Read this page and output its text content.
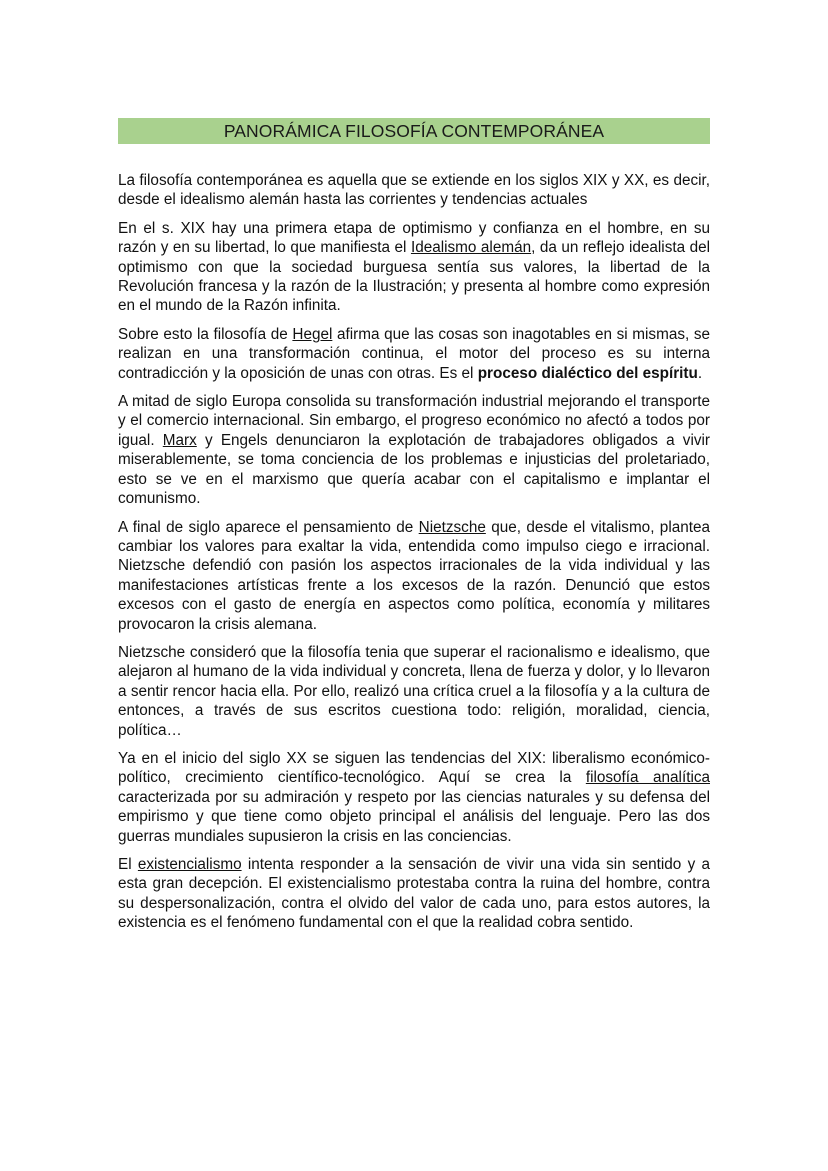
PANORÁMICA FILOSOFÍA CONTEMPORÁNEA

La filosofía contemporánea es aquella que se extiende en los siglos XIX y XX, es decir, desde el idealismo alemán hasta las corrientes y tendencias actuales

En el s. XIX hay una primera etapa de optimismo y confianza en el hombre, en su razón y en su libertad, lo que manifiesta el Idealismo alemán, da un reflejo idealista del optimismo con que la sociedad burguesa sentía sus valores, la libertad de la Revolución francesa y la razón de la Ilustración; y presenta al hombre como expresión en el mundo de la Razón infinita.

Sobre esto la filosofía de Hegel afirma que las cosas son inagotables en si mismas, se realizan en una transformación continua, el motor del proceso es su interna contradicción y la oposición de unas con otras. Es el proceso dialéctico del espíritu.

A mitad de siglo Europa consolida su transformación industrial mejorando el transporte y el comercio internacional. Sin embargo, el progreso económico no afectó a todos por igual. Marx y Engels denunciaron la explotación de trabajadores obligados a vivir miserablemente, se toma conciencia de los problemas e injusticias del proletariado, esto se ve en el marxismo que quería acabar con el capitalismo e implantar el comunismo.

A final de siglo aparece el pensamiento de Nietzsche que, desde el vitalismo, plantea cambiar los valores para exaltar la vida, entendida como impulso ciego e irracional. Nietzsche defendió con pasión los aspectos irracionales de la vida individual y las manifestaciones artísticas frente a los excesos de la razón. Denunció que estos excesos con el gasto de energía en aspectos como política, economía y militares provocaron la crisis alemana.

Nietzsche consideró que la filosofía tenia que superar el racionalismo e idealismo, que alejaron al humano de la vida individual y concreta, llena de fuerza y dolor, y lo llevaron a sentir rencor hacia ella. Por ello, realizó una crítica cruel a la filosofía y a la cultura de entonces, a través de sus escritos cuestiona todo: religión, moralidad, ciencia, política…

Ya en el inicio del siglo XX se siguen las tendencias del XIX: liberalismo económico-político, crecimiento científico-tecnológico. Aquí se crea la filosofía analítica caracterizada por su admiración y respeto por las ciencias naturales y su defensa del empirismo y que tiene como objeto principal el análisis del lenguaje. Pero las dos guerras mundiales supusieron la crisis en las conciencias.

El existencialismo intenta responder a la sensación de vivir una vida sin sentido y a esta gran decepción. El existencialismo protestaba contra la ruina del hombre, contra su despersonalización, contra el olvido del valor de cada uno, para estos autores, la existencia es el fenómeno fundamental con el que la realidad cobra sentido.
